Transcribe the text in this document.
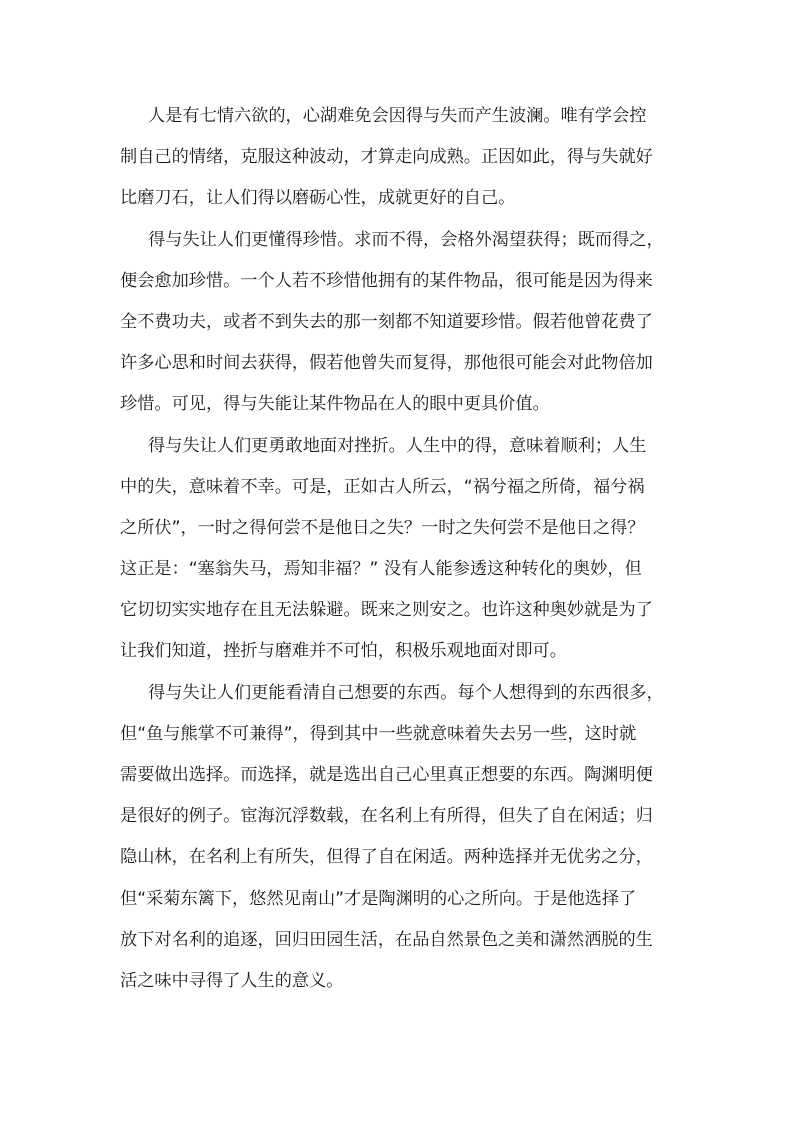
人是有七情六欲的，心湖难免会因得与失而产生波澜。唯有学会控
制自己的情绪，克服这种波动，才算走向成熟。正因如此，得与失就好
比磨刀石，让人们得以磨砺心性，成就更好的自己。
得与失让人们更懂得珍惜。求而不得，会格外渴望获得；既而得之，
便会愈加珍惜。一个人若不珍惜他拥有的某件物品，很可能是因为得来
全不费功夫，或者不到失去的那一刻都不知道要珍惜。假若他曾花费了
许多心思和时间去获得，假若他曾失而复得，那他很可能会对此物倍加
珍惜。可见，得与失能让某件物品在人的眼中更具价值。
得与失让人们更勇敢地面对挫折。人生中的得，意味着顺利；人生
中的失，意味着不幸。可是，正如古人所云，“祸兮福之所倚，福兮祸
之所伏”，一时之得何尝不是他日之失？一时之失何尝不是他日之得？
这正是：“塞翁失马，焉知非福？” 没有人能参透这种转化的奥妙，但
它切切实实地存在且无法躲避。既来之则安之。也许这种奥妙就是为了
让我们知道，挫折与磨难并不可怕，积极乐观地面对即可。
得与失让人们更能看清自己想要的东西。每个人想得到的东西很多，
但“鱼与熊掌不可兼得”，得到其中一些就意味着失去另一些，这时就
需要做出选择。而选择，就是选出自己心里真正想要的东西。陶渊明便
是很好的例子。宦海沉浮数载，在名利上有所得，但失了自在闲适；归
隐山林，在名利上有所失，但得了自在闲适。两种选择并无优劣之分，
但“采菊东篱下，悠然见南山”才是陶渊明的心之所向。于是他选择了
放下对名利的追逐，回归田园生活，在品自然景色之美和潇然洒脱的生
活之味中寻得了人生的意义。
